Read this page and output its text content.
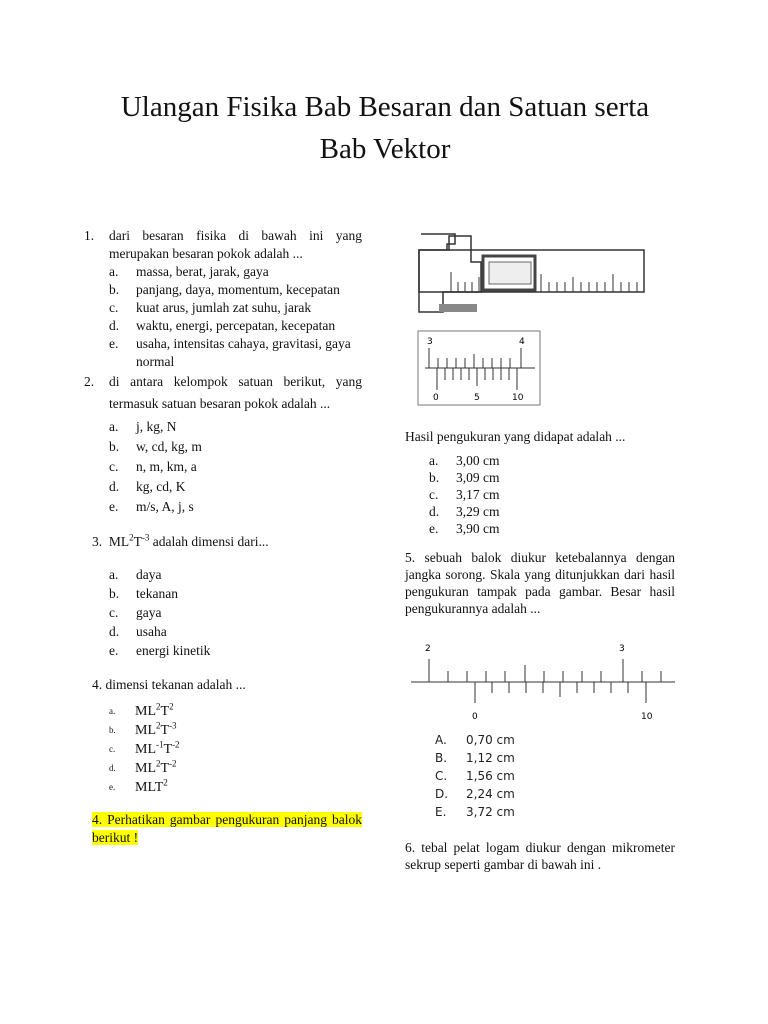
Ulangan Fisika Bab Besaran dan Satuan serta
Bab Vektor
1.	dari besaran fisika di bawah ini yang merupakan besaran pokok adalah ...
a.	massa, berat, jarak, gaya
b.	panjang, daya, momentum, kecepatan
c.	kuat arus, jumlah zat suhu, jarak
d.	waktu, energi, percepatan, kecepatan
e.	usaha, intensitas cahaya, gravitasi, gaya normal
2.	di antara kelompok satuan berikut, yang termasuk satuan besaran pokok adalah ...
a.	j, kg, N
b.	w, cd, kg, m
c.	n, m, km, a
d.	kg, cd, K
e.	m/s, A, j, s
3. $ML^2T^{-3}$ adalah dimensi dari...
a.	daya
b.	tekanan
c.	gaya
d.	usaha
e.	energi kinetik
4. dimensi tekanan adalah ...
a.	$ML^2T^2$
b.	$ML^2T^{-3}$
c.	$ML^{-1}T^{-2}$
d.	$ML^2T^{-2}$
e.	MLT$^2$
4. Perhatikan gambar pengukuran panjang balok berikut !
3	4
0	5	10
Hasil pengukuran yang didapat adalah ...
a.	3,00 cm
b.	3,09 cm
c.	3,17 cm
d.	3,29 cm
e.	3,90 cm
5. sebuah balok diukur ketebalannya dengan jangka sorong. Skala yang ditunjukkan dari hasil pengukuran tampak pada gambar. Besar hasil pengukurannya adalah ...
2	3
0	10
A.	0,70 cm
B.	1,12 cm
C.	1,56 cm
D.	2,24 cm
E.	3,72 cm
6. tebal pelat logam diukur dengan mikrometer sekrup seperti gambar di bawah ini .
